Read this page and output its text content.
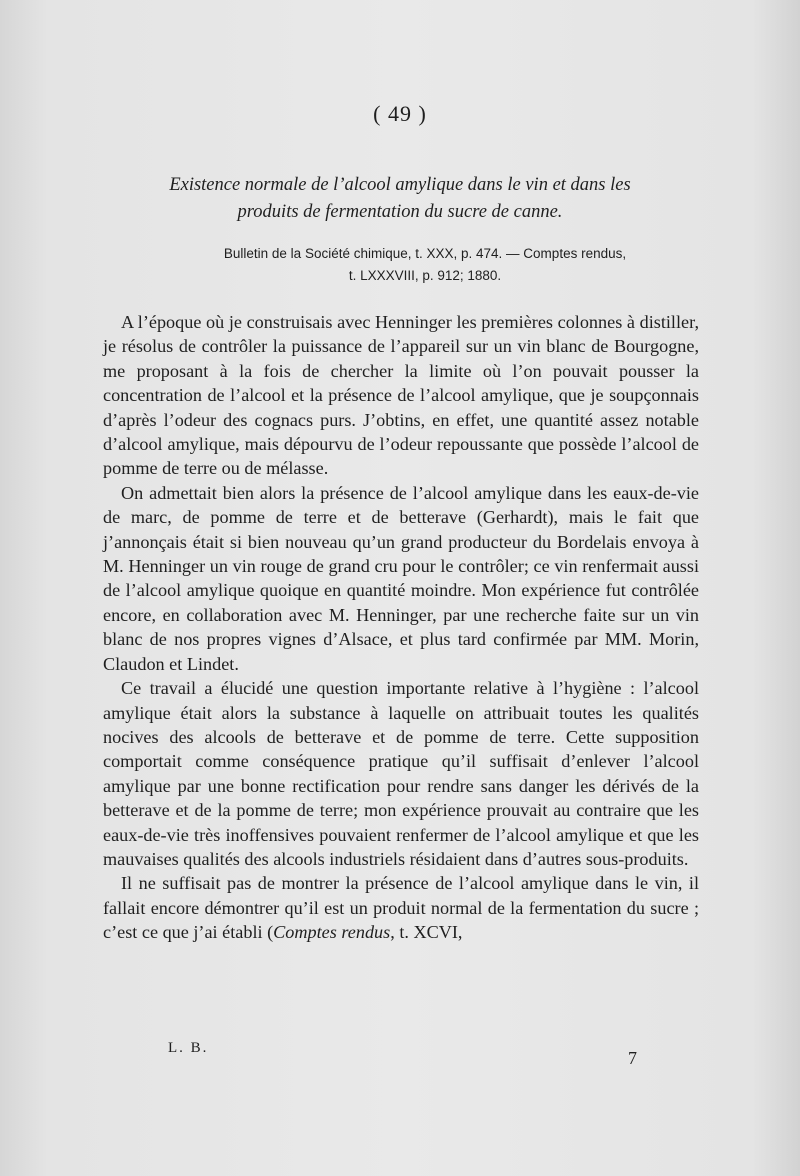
( 49 )
Existence normale de l’alcool amylique dans le vin et dans les
produits de fermentation du sucre de canne.
Bulletin de la Société chimique, t. XXX, p. 474. — Comptes rendus,
t. LXXXVIII, p. 912; 1880.

A l’époque où je construisais avec Henninger les premières colonnes à distiller, je résolus de contrôler la puissance de l’appareil sur un vin blanc de Bourgogne, me proposant à la fois de chercher la limite où l’on pouvait pousser la concentration de l’alcool et la présence de l’alcool amylique, que je soupçonnais d’après l’odeur des cognacs purs. J’obtins, en effet, une quantité assez notable d’alcool amylique, mais dépourvu de l’odeur repoussante que possède l’alcool de pomme de terre ou de mélasse.

On admettait bien alors la présence de l’alcool amylique dans les eaux-de-vie de marc, de pomme de terre et de betterave (Gerhardt), mais le fait que j’annonçais était si bien nouveau qu’un grand producteur du Bordelais envoya à M. Henninger un vin rouge de grand cru pour le contrôler; ce vin renfermait aussi de l’alcool amylique quoique en quantité moindre. Mon expérience fut contrôlée encore, en collaboration avec M. Henninger, par une recherche faite sur un vin blanc de nos propres vignes d’Alsace, et plus tard confirmée par MM. Morin, Claudon et Lindet.

Ce travail a élucidé une question importante relative à l’hygiène : l’alcool amylique était alors la substance à laquelle on attribuait toutes les qualités nocives des alcools de betterave et de pomme de terre. Cette supposition comportait comme conséquence pratique qu’il suffisait d’enlever l’alcool amylique par une bonne rectification pour rendre sans danger les dérivés de la betterave et de la pomme de terre; mon expérience prouvait au contraire que les eaux-de-vie très inoffensives pouvaient renfermer de l’alcool amylique et que les mauvaises qualités des alcools industriels résidaient dans d’autres sous-produits.

Il ne suffisait pas de montrer la présence de l’alcool amylique dans le vin, il fallait encore démontrer qu’il est un produit normal de la fermentation du sucre ; c’est ce que j’ai établi (Comptes rendus, t. XCVI,

L. B.	7
